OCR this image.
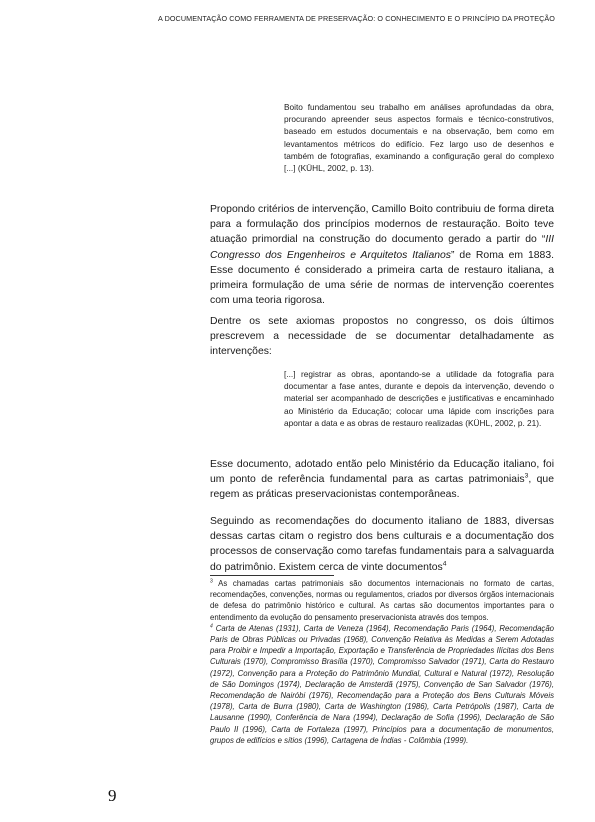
A DOCUMENTAÇÃO COMO FERRAMENTA DE PRESERVAÇÃO: O CONHECIMENTO E O PRINCÍPIO DA PROTEÇÃO
Boito fundamentou seu trabalho em análises aprofundadas da obra, procurando apreender seus aspectos formais e técnico-construtivos, baseado em estudos documentais e na observação, bem como em levantamentos métricos do edifício. Fez largo uso de desenhos e também de fotografias, examinando a configuração geral do complexo [...] (KÜHL, 2002, p. 13).
Propondo critérios de intervenção, Camillo Boito contribuiu de forma direta para a formulação dos princípios modernos de restauração. Boito teve atuação primordial na construção do documento gerado a partir do “III Congresso dos Engenheiros e Arquitetos Italianos” de Roma em 1883. Esse documento é considerado a primeira carta de restauro italiana, a primeira formulação de uma série de normas de intervenção coerentes com uma teoria rigorosa.
Dentre os sete axiomas propostos no congresso, os dois últimos prescrevem a necessidade de se documentar detalhadamente as intervenções:
[...] registrar as obras, apontando-se a utilidade da fotografia para documentar a fase antes, durante e depois da intervenção, devendo o material ser acompanhado de descrições e justificativas e encaminhado ao Ministério da Educação; colocar uma lápide com inscrições para apontar a data e as obras de restauro realizadas (KÜHL, 2002, p. 21).
Esse documento, adotado então pelo Ministério da Educação italiano, foi um ponto de referência fundamental para as cartas patrimoniais$^3$, que regem as práticas preservacionistas contemporâneas.
Seguindo as recomendações do documento italiano de 1883, diversas dessas cartas citam o registro dos bens culturais e a documentação dos processos de conservação como tarefas fundamentais para a salvaguarda do patrimônio. Existem cerca de vinte documentos$^4$

$^3$ As chamadas cartas patrimoniais são documentos internacionais no formato de cartas, recomendações, convenções, normas ou regulamentos, criados por diversos órgãos internacionais de defesa do patrimônio histórico e cultural. As cartas são documentos importantes para o entendimento da evolução do pensamento preservacionista através dos tempos.

$^4$ Carta de Atenas (1931), Carta de Veneza (1964), Recomendação Paris (1964), Recomendação Paris de Obras Públicas ou Privadas (1968), Convenção Relativa às Medidas a Serem Adotadas para Proibir e Impedir a Importação, Exportação e Transferência de Propriedades Ilícitas dos Bens Culturais (1970), Compromisso Brasília (1970), Compromisso Salvador (1971), Carta do Restauro (1972), Convenção para a Proteção do Patrimônio Mundial, Cultural e Natural (1972), Resolução de São Domingos (1974), Declaração de Amsterdã (1975), Convenção de San Salvador (1976), Recomendação de Nairóbi (1976), Recomendação para a Proteção dos Bens Culturais Móveis (1978), Carta de Burra (1980), Carta de Washington (1986), Carta Petrópolis (1987), Carta de Lausanne (1990), Conferência de Nara (1994), Declaração de Sofia (1996), Declaração de São Paulo II (1996), Carta de Fortaleza (1997), Princípios para a documentação de monumentos, grupos de edifícios e sítios (1996), Cartagena de Índias - Colômbia (1999).

9
